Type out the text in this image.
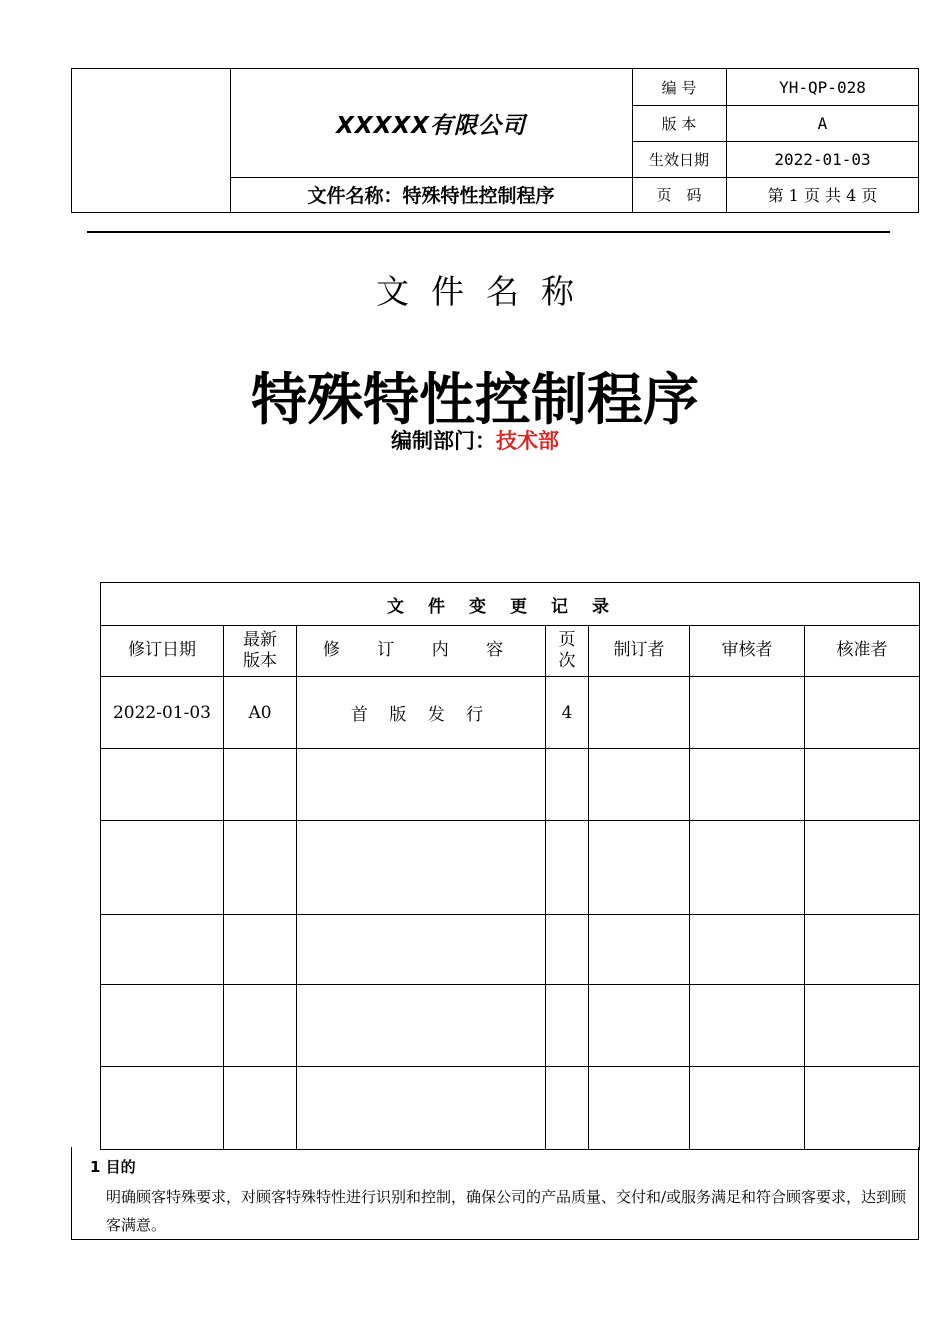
XXXXX有限公司
文件名称：特殊特性控制程序
编 号	YH-QP-028
版 本	A
生效日期	2022-01-03
页　码	第 1 页 共 4 页
文件名称
特殊特性控制程序
编制部门：技术部
文件变更记录						
修订日期	最新版本	修 订 内 容	页次	制订者	审核者	核准者
2022-01-03	A0	首 版 发 行	4			

1 目的
明确顾客特殊要求，对顾客特殊特性进行识别和控制，确保公司的产品质量、交付和/或服务满足和符合顾客要求，达到顾客满意。
